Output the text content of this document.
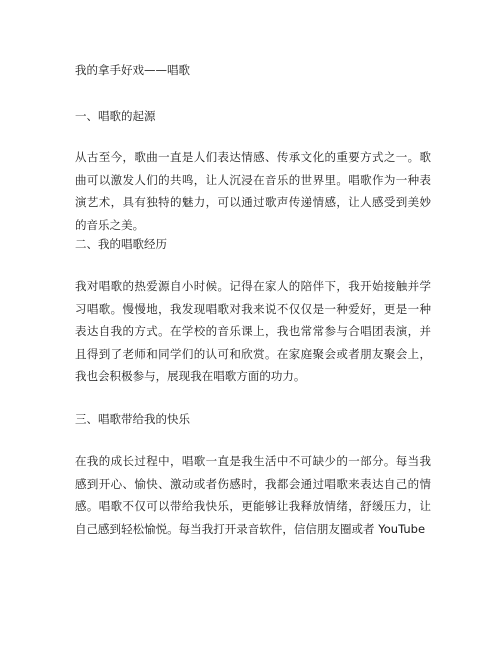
我的拿手好戏——唱歌

一、唱歌的起源

从古至今，歌曲一直是人们表达情感、传承文化的重要方式之一。歌曲可以激发人们的共鸣，让人沉浸在音乐的世界里。唱歌作为一种表演艺术，具有独特的魅力，可以通过歌声传递情感，让人感受到美妙的音乐之美。

二、我的唱歌经历

我对唱歌的热爱源自小时候。记得在家人的陪伴下，我开始接触并学习唱歌。慢慢地，我发现唱歌对我来说不仅仅是一种爱好，更是一种表达自我的方式。在学校的音乐课上，我也常常参与合唱团表演，并且得到了老师和同学们的认可和欣赏。在家庭聚会或者朋友聚会上，我也会积极参与，展现我在唱歌方面的功力。

三、唱歌带给我的快乐

在我的成长过程中，唱歌一直是我生活中不可缺少的一部分。每当我感到开心、愉快、激动或者伤感时，我都会通过唱歌来表达自己的情感。唱歌不仅可以带给我快乐，更能够让我释放情绪，舒缓压力，让自己感到轻松愉悦。每当我打开录音软件，信信朋友圈或者 YouTube
